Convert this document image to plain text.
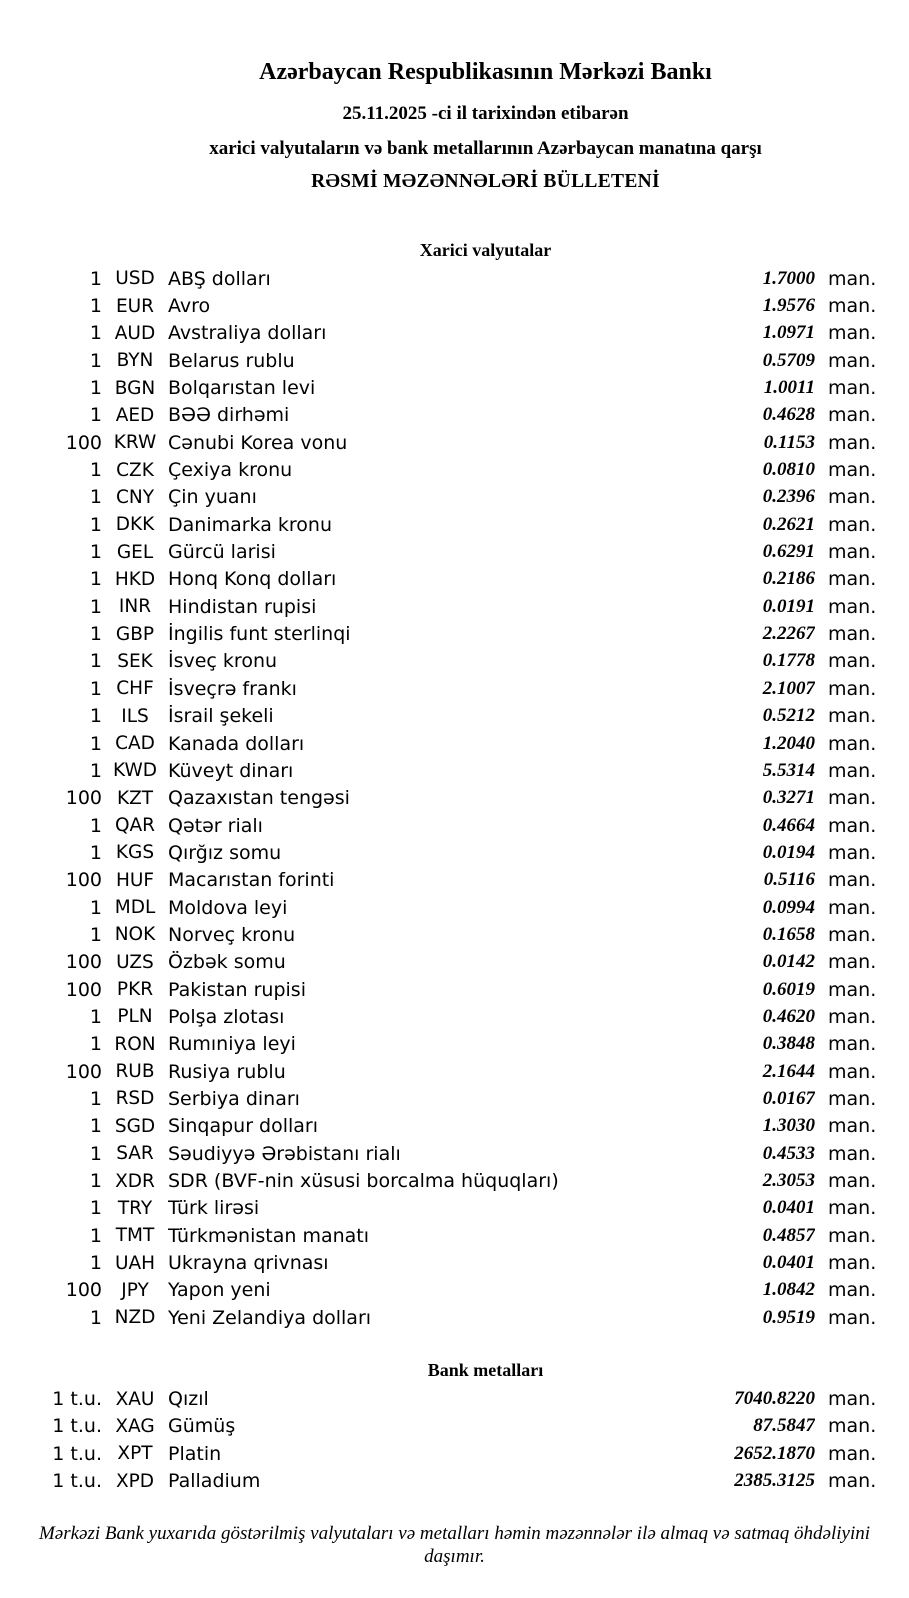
Azərbaycan Respublikasının Mərkəzi Bankı

25.11.2025 -ci il tarixindən etibarən

xarici valyutaların və bank metallarının Azərbaycan manatına qarşı

RƏSMİ MƏZƏNNƏLƏRİ BÜLLETENİ

Xarici valyutalar
1 USD ABŞ dolları	1.7000 man.
1 EUR Avro	1.9576 man.
1 AUD Avstraliya dolları	1.0971 man.
1 BYN Belarus rublu	0.5709 man.
1 BGN Bolqarıstan levi	1.0011 man.
1 AED BƏƏ dirhəmi	0.4628 man.
100 KRW Cənubi Korea vonu	0.1153 man.
1 CZK Çexiya kronu	0.0810 man.
1 CNY Çin yuanı	0.2396 man.
1 DKK Danimarka kronu	0.2621 man.
1 GEL Gürcü larisi	0.6291 man.
1 HKD Honq Konq dolları	0.2186 man.
1 INR Hindistan rupisi	0.0191 man.
1 GBP İngilis funt sterlinqi	2.2267 man.
1 SEK İsveç kronu	0.1778 man.
1 CHF İsveçrə frankı	2.1007 man.
1	ILS	İsrail şekeli	0.5212 man.
1 CAD Kanada dolları	1.2040 man.
1 KWD Küveyt dinarı	5.5314 man.
100 KZT Qazaxıstan tengəsi	0.3271 man.
1 QAR Qətər rialı	0.4664 man.
1 KGS Qırğız somu	0.0194 man.
100 HUF Macarıstan forinti	0.5116 man.
1 MDL Moldova leyi	0.0994 man.
1 NOK Norveç kronu	0.1658 man.
100 UZS Özbək somu	0.0142 man.
100 PKR Pakistan rupisi	0.6019 man.
1 PLN Polşa zlotası	0.4620 man.
1 RON Rumıniya leyi	0.3848 man.
100 RUB Rusiya rublu	2.1644 man.
1 RSD Serbiya dinarı	0.0167 man.
1 SGD Sinqapur dolları	1.3030 man.
1 SAR Səudiyyə Ərəbistanı rialı	0.4533 man.
1 XDR SDR (BVF-nin xüsusi borcalma hüquqları)	2.3053 man.
1 TRY Türk lirəsi	0.0401 man.
1 TMT Türkmənistan manatı	0.4857 man.
1 UAH Ukrayna qrivnası	0.0401 man.
100	JPY	Yapon yeni	1.0842 man.
1 NZD Yeni Zelandiya dolları	0.9519 man.
Bank metalları
1 t.u. XAU Qızıl	7040.8220 man.
1 t.u. XAG Gümüş	87.5847 man.
1 t.u. XPT Platin	2652.1870 man.
1 t.u. XPD Palladium	2385.3125 man.
Mərkəzi Bank yuxarıda göstərilmiş valyutaları və metalları həmin məzənnələr ilə almaq və satmaq öhdəliyini daşımır.
